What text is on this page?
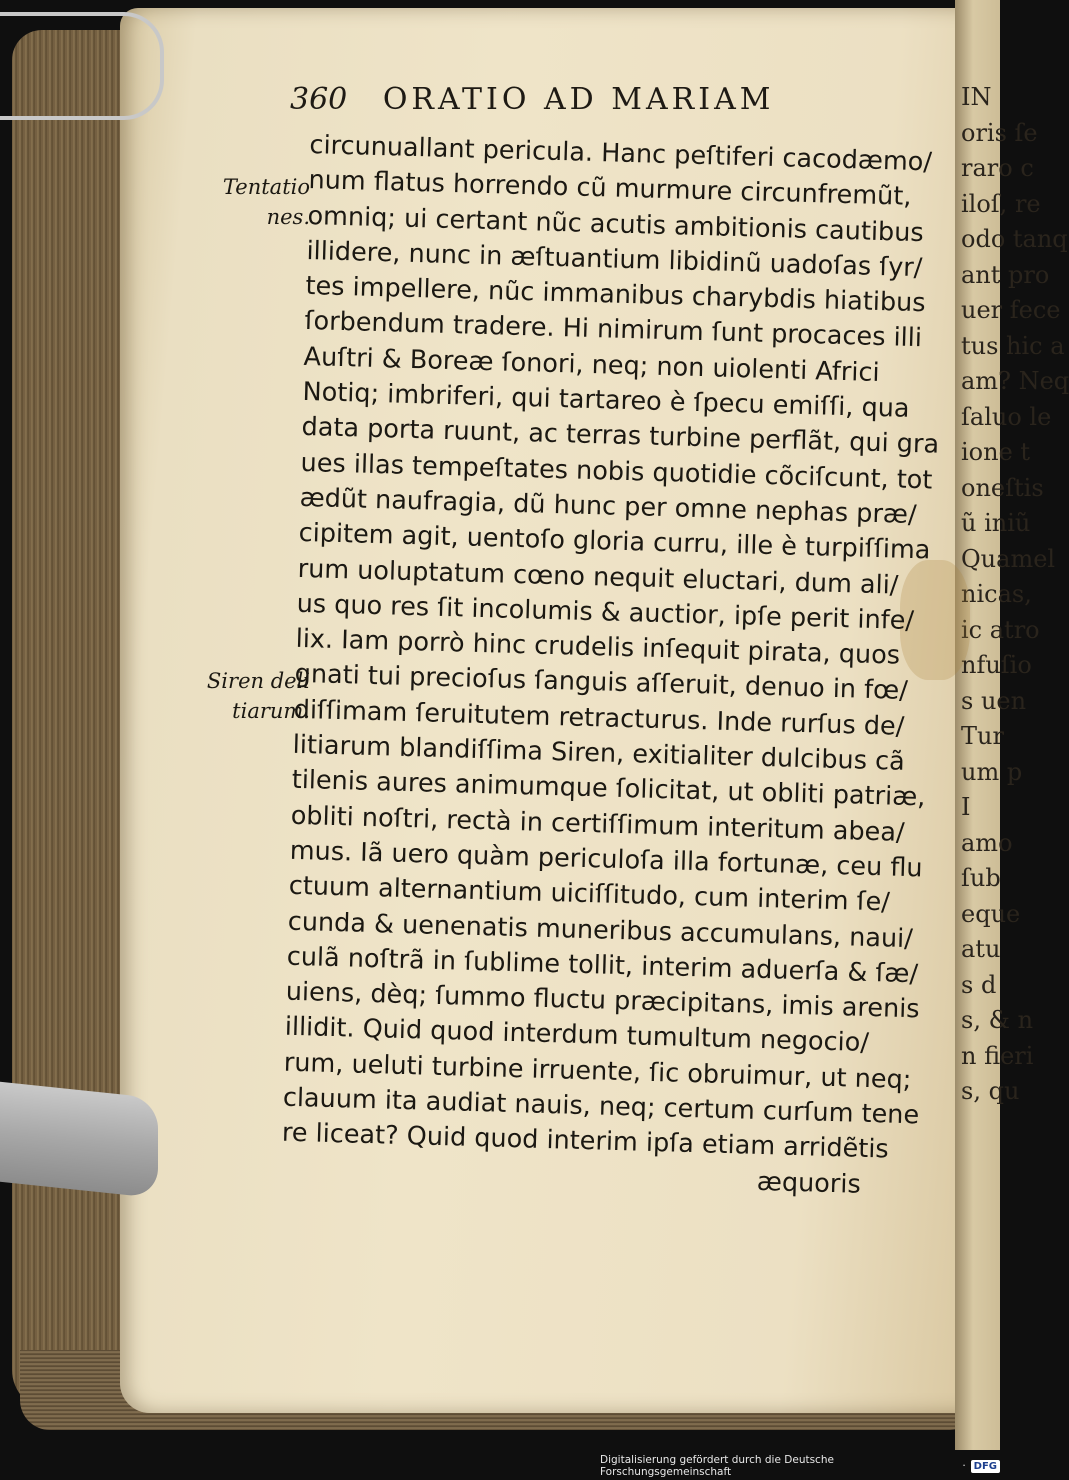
IN
oris ſe
raro c
iloſ, re
odo tanq
ant pro
uer fece
tus hic a
am? Neq
ſaluo le
ione t
oneſtis
ũ iniũ
Quamel
nicas,
ic atro
nfuſio
s uen
Tur
um p
I
amo
ſub
eque
atu
s d
s, & n
n fieri
s, qu
360 ORATIO AD MARIAM
Tentatio
nes.
Siren deli
tiarum.
circunuallant pericula. Hanc peſtiferi cacodæmo/
num flatus horrendo cũ murmure circunfremũt,
omniq; ui certant nũc acutis ambitionis cautibus
illidere, nunc in æſtuantium libidinũ uadoſas ſyr/
tes impellere, nũc immanibus charybdis hiatibus
ſorbendum tradere. Hi nimirum ſunt procaces illi
Auſtri & Boreæ ſonori, neq; non uiolenti Africi
Notiq; imbriferi, qui tartareo è ſpecu emiſſi, qua
data porta ruunt, ac terras turbine perflãt, qui gra
ues illas tempeſtates nobis quotidie cõciſcunt, tot
ædũt naufragia, dũ hunc per omne nephas præ/
cipitem agit, uentoſo gloria curru, ille è turpiſſima
rum uoluptatum cœno nequit eluctari, dum ali/
us quo res ſit incolumis & auctior, ipſe perit infe/
lix. Iam porrò hinc crudelis inſequit pirata, quos
gnati tui precioſus ſanguis aſſeruit, denuo in fœ/
diſſimam ſeruitutem retracturus. Inde rurſus de/
litiarum blandiſſima Siren, exitialiter dulcibus cã
tilenis aures animumque ſolicitat, ut obliti patriæ,
obliti noſtri, rectà in certiſſimum interitum abea/
mus. Iã uero quàm periculoſa illa fortunæ, ceu flu
ctuum alternantium uiciſſitudo, cum interim ſe/
cunda & uenenatis muneribus accumulans, naui/
culã noſtrã in ſublime tollit, interim aduerſa & ſæ/
uiens, dèq; ſummo fluctu præcipitans, imis arenis
illidit. Quid quod interdum tumultum negocio/
rum, ueluti turbine irruente, ſic obruimur, ut neq;
clauum ita audiat nauis, neq; certum curſum tene
re liceat? Quid quod interim ipſa etiam arridẽtis
æquoris
Digitalisierung gefördert durch die Deutsche Forschungsgemeinschaft	· DFG
